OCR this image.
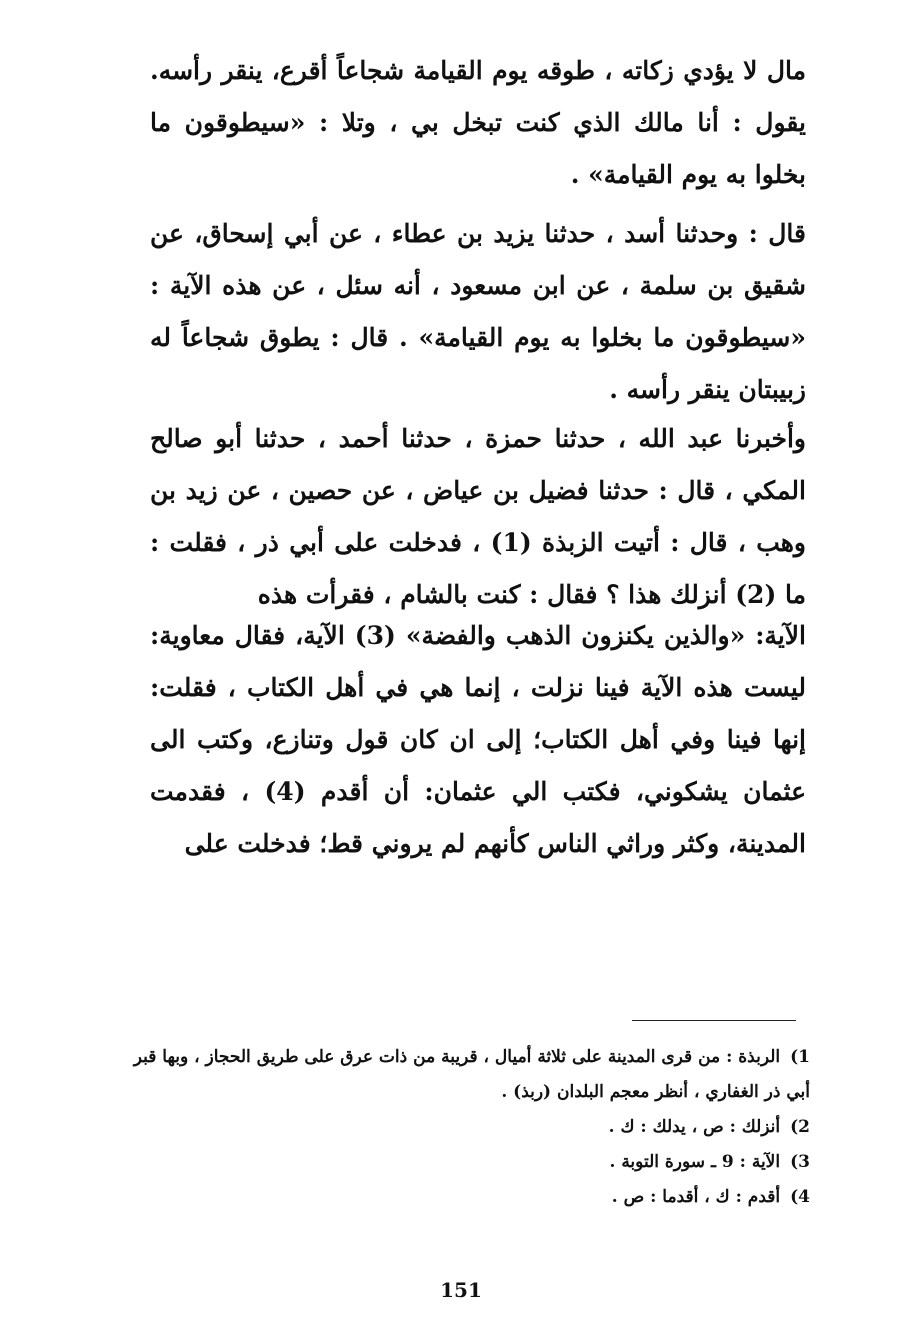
مال لا يؤدي زكاته ، طوقه يوم القيامة شجاعاً أقرع، ينقر رأسه. يقول : أنا مالك الذي كنت تبخل بي ، وتلا : «سيطوقون ما بخلوا به يوم القيامة» .

قال : وحدثنا أسد ، حدثنا يزيد بن عطاء ، عن أبي إسحاق، عن شقيق بن سلمة ، عن ابن مسعود ، أنه سئل ، عن هذه الآية : «سيطوقون ما بخلوا به يوم القيامة» . قال : يطوق شجاعاً له زبيبتان ينقر رأسه .

وأخبرنا عبد الله ، حدثنا حمزة ، حدثنا أحمد ، حدثنا أبو صالح المكي ، قال : حدثنا فضيل بن عياض ، عن حصين ، عن زيد بن وهب ، قال : أتيت الزبذة (1) ، فدخلت على أبي ذر ، فقلت : ما (2) أنزلك هذا ؟ فقال : كنت بالشام ، فقرأت هذه

الآية: «والذين يكنزون الذهب والفضة» (3) الآية، فقال معاوية: ليست هذه الآية فينا نزلت ، إنما هي في أهل الكتاب ، فقلت: إنها فينا وفي أهل الكتاب؛ إلى ان كان قول وتنازع، وكتب الى عثمان يشكوني، فكتب الي عثمان: أن أقدم (4) ، فقدمت المدينة، وكثر وراثي الناس كأنهم لم يروني قط؛ فدخلت على

1)الربذة : من قرى المدينة على ثلاثة أميال ، قريبة من ذات عرق على طريق الحجاز ، وبها قبر أبي ذر الغفاري ، أنظر معجم البلدان (ربذ) .

2)أنزلك : ص ، يدلك : ك .

3)الآية : 9 ـ سورة التوبة .

4)أقدم : ك ، أقدما : ص .

151
